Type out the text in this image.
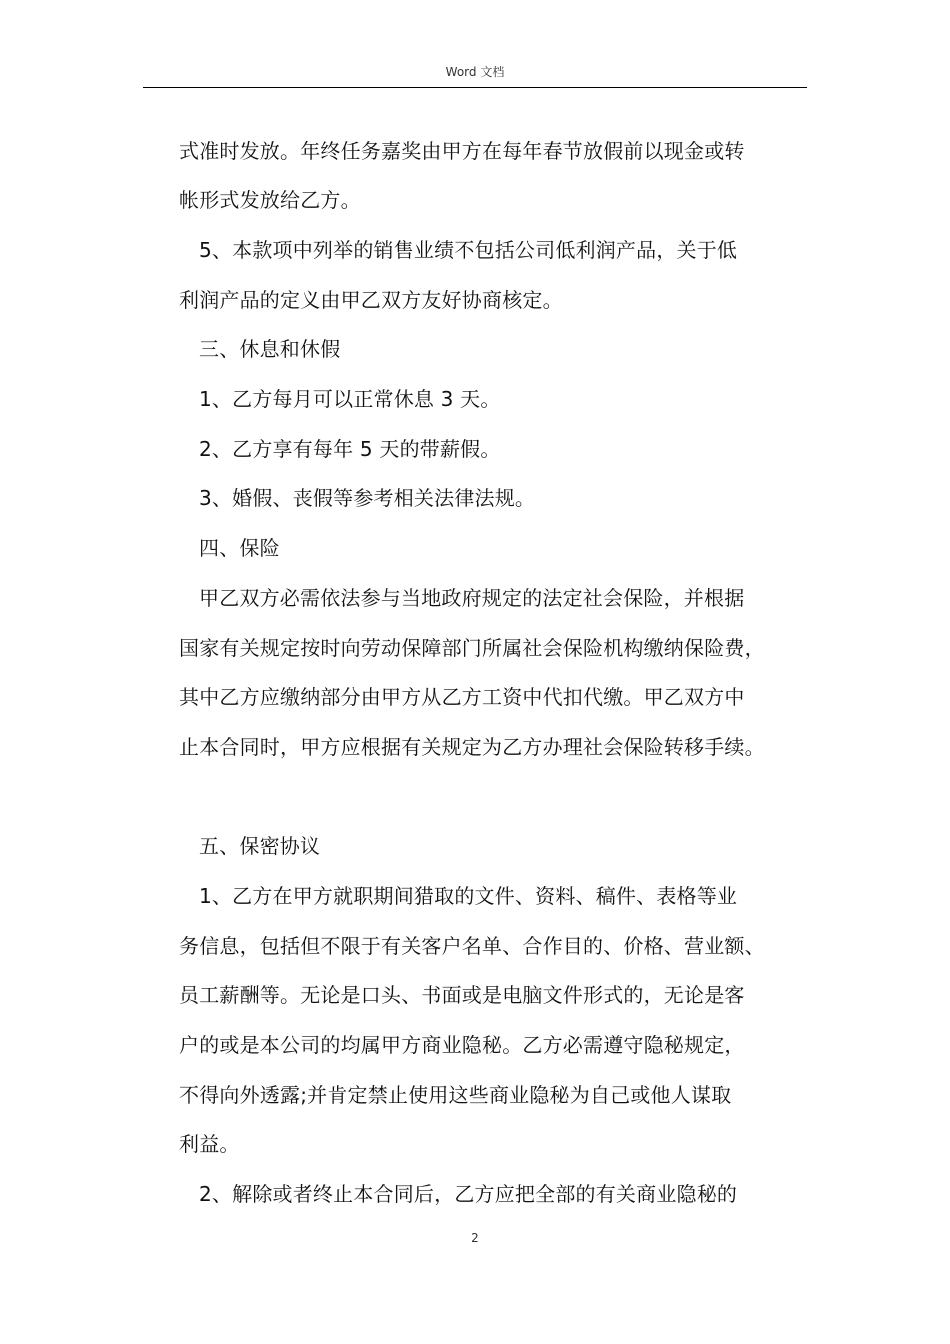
Word 文档
式准时发放。年终任务嘉奖由甲方在每年春节放假前以现金或转
帐形式发放给乙方。
5、本款项中列举的销售业绩不包括公司低利润产品，关于低
利润产品的定义由甲乙双方友好协商核定。
三、休息和休假
1、乙方每月可以正常休息 3 天。
2、乙方享有每年 5 天的带薪假。
3、婚假、丧假等参考相关法律法规。
四、保险
甲乙双方必需依法参与当地政府规定的法定社会保险，并根据
国家有关规定按时向劳动保障部门所属社会保险机构缴纳保险费，
其中乙方应缴纳部分由甲方从乙方工资中代扣代缴。甲乙双方中
止本合同时，甲方应根据有关规定为乙方办理社会保险转移手续。
五、保密协议
1、乙方在甲方就职期间猎取的文件、资料、稿件、表格等业
务信息，包括但不限于有关客户名单、合作目的、价格、营业额、
员工薪酬等。无论是口头、书面或是电脑文件形式的，无论是客
户的或是本公司的均属甲方商业隐秘。乙方必需遵守隐秘规定，
不得向外透露;并肯定禁止使用这些商业隐秘为自己或他人谋取
利益。
2、解除或者终止本合同后，乙方应把全部的有关商业隐秘的
2
